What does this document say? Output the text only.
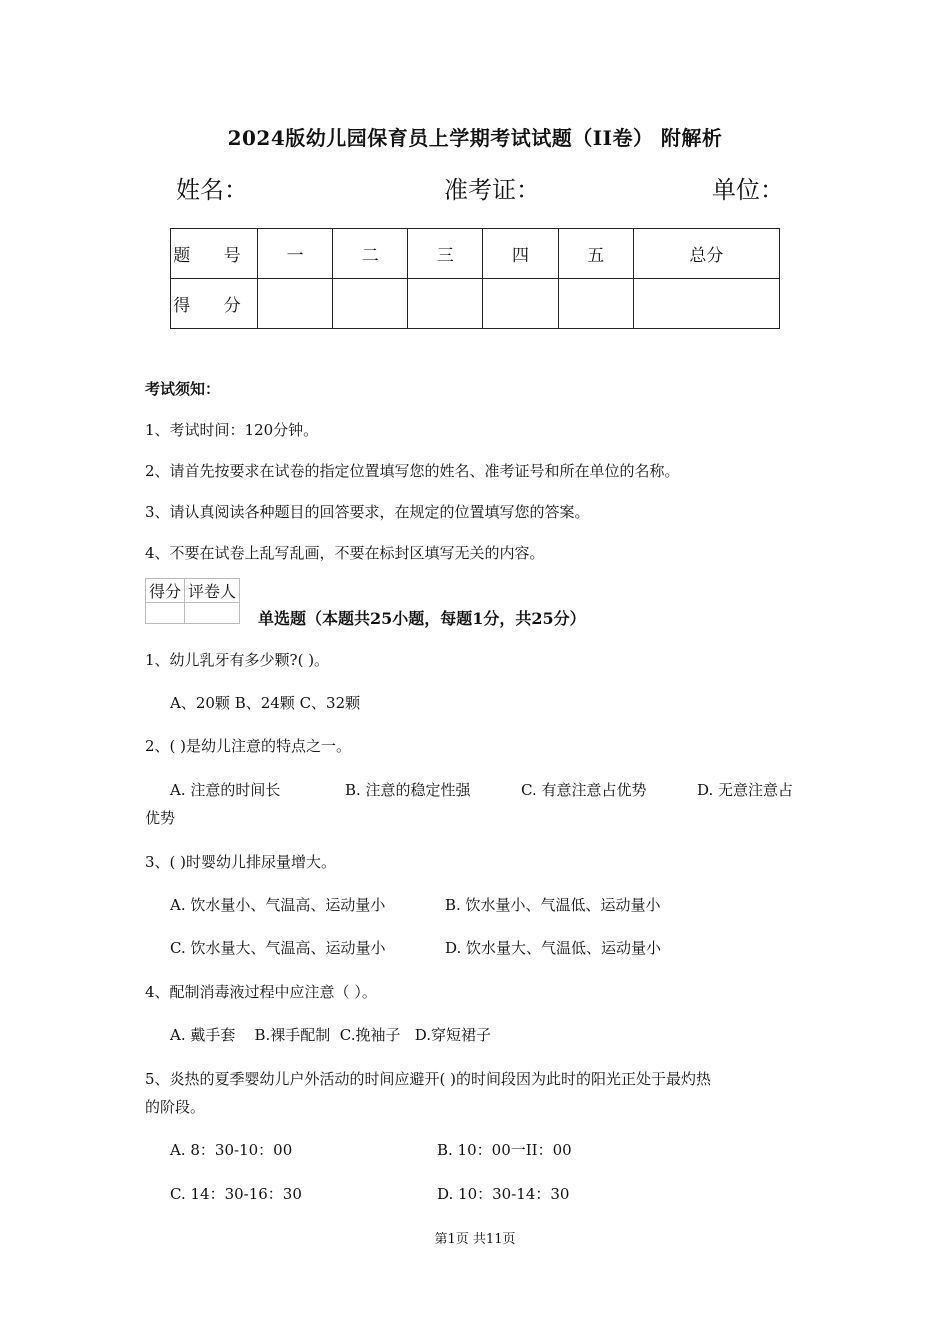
2024版幼儿园保育员上学期考试试题（II卷） 附解析
姓名：	准考证：	单位：
题 号	一	二	三	四	五	总分
得 分						
考试须知：
1、考试时间：120分钟。
2、请首先按要求在试卷的指定位置填写您的姓名、准考证号和所在单位的名称。
3、请认真阅读各种题目的回答要求，在规定的位置填写您的答案。
4、不要在试卷上乱写乱画，不要在标封区填写无关的内容。
得分	评卷人

单选题（本题共25小题，每题1分，共25分）
1、幼儿乳牙有多少颗?( )。
A、20颗 B、24颗 C、32颗
2、( )是幼儿注意的特点之一。
A. 注意的时间长	B. 注意的稳定性强	C. 有意注意占优势	D. 无意注意占
优势
3、( )时婴幼儿排尿量增大。
A. 饮水量小、气温高、运动量小	B. 饮水量小、气温低、运动量小
C. 饮水量大、气温高、运动量小	D. 饮水量大、气温低、运动量小
4、配制消毒液过程中应注意（ ）。
A. 戴手套    B.裸手配制  C.挽袖子   D.穿短裙子
5、炎热的夏季婴幼儿户外活动的时间应避开( )的时间段因为此时的阳光正处于最灼热
的阶段。
A. 8：30-10：00	B. 10：00一II：00
C. 14：30-16：30	D. 10：30-14：30
第1页 共11页
